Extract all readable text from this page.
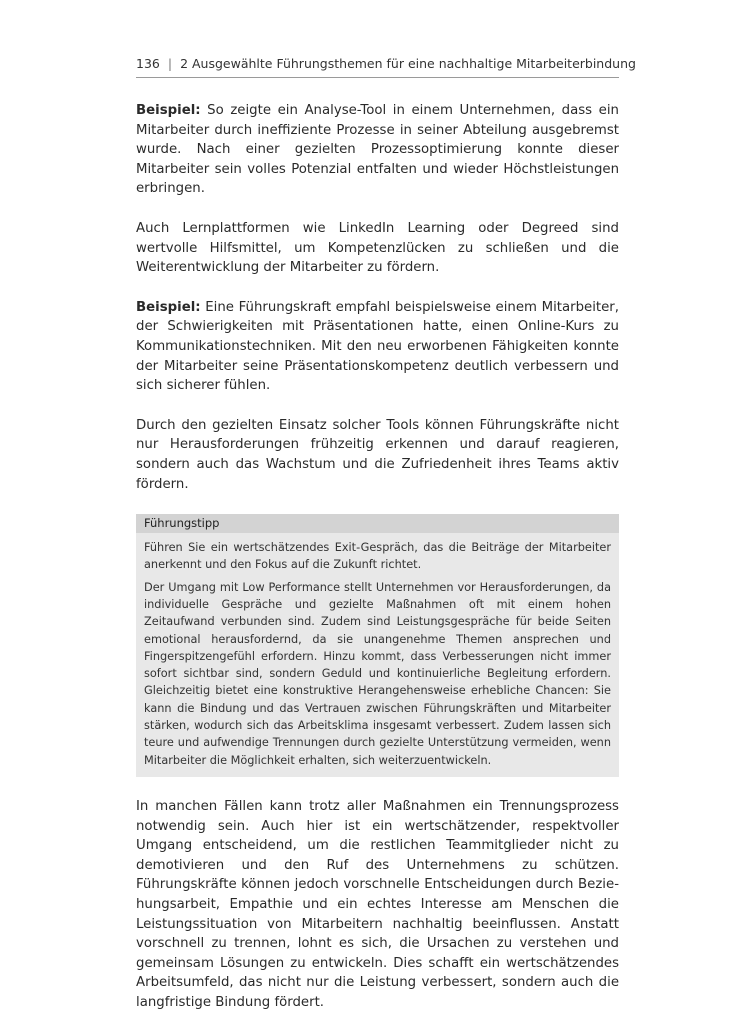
136 | 2 Ausgewählte Führungsthemen für eine nachhaltige Mitarbeiterbindung

Beispiel: So zeigte ein Analyse-Tool in einem Unternehmen, dass ein Mitarbeiter durch ineffiziente Prozesse in seiner Abteilung ausgebremst wurde. Nach einer gezielten Prozessoptimierung konnte dieser Mitarbeiter sein volles Potenzial entfalten und wieder Höchstleistungen erbringen.

Auch Lernplattformen wie LinkedIn Learning oder Degreed sind wertvolle Hilfsmittel, um Kompetenzlücken zu schließen und die Weiterentwicklung der Mitarbeiter zu fördern.

Beispiel: Eine Führungskraft empfahl beispielsweise einem Mitarbeiter, der Schwierigkeiten mit Präsentationen hatte, einen Online-Kurs zu Kommunikationstechniken. Mit den neu erworbenen Fähigkeiten konnte der Mitarbeiter seine Präsentationskompetenz deutlich verbessern und sich sicherer fühlen.

Durch den gezielten Einsatz solcher Tools können Führungskräfte nicht nur Herausforderungen frühzeitig erkennen und darauf reagieren, sondern auch das Wachstum und die Zufriedenheit ihres Teams aktiv fördern.

Führungstipp

Führen Sie ein wertschätzendes Exit-Gespräch, das die Beiträge der Mitarbeiter anerkennt und den Fokus auf die Zukunft richtet.

Der Umgang mit Low Performance stellt Unternehmen vor Herausforderungen, da individuelle Gespräche und gezielte Maßnahmen oft mit einem hohen Zeitaufwand verbunden sind. Zudem sind Leistungsgespräche für beide Seiten emotional herausfordernd, da sie unangenehme Themen ansprechen und Fingerspitzengefühl erfordern. Hinzu kommt, dass Verbesserungen nicht immer sofort sichtbar sind, sondern Geduld und kontinuierliche Begleitung erfordern. Gleichzeitig bietet eine konstruktive Herangehensweise erhebliche Chancen: Sie kann die Bindung und das Vertrauen zwischen Führungskräften und Mitarbeiter stärken, wodurch sich das Arbeitsklima insgesamt verbessert. Zudem lassen sich teure und aufwendige Trennungen durch gezielte Unterstützung vermeiden, wenn Mitarbeiter die Möglichkeit erhalten, sich weiterzuentwickeln.

In manchen Fällen kann trotz aller Maßnahmen ein Trennungsprozess notwendig sein. Auch hier ist ein wertschätzender, respektvoller Umgang entscheidend, um die restlichen Teammitglieder nicht zu demotivieren und den Ruf des Unternehmens zu schützen. Führungskräfte können jedoch vorschnelle Entscheidungen durch Beziehungsarbeit, Empathie und ein echtes Interesse am Menschen die Leistungssituation von Mitarbeitern nachhaltig beeinflussen. Anstatt vorschnell zu trennen, lohnt es sich, die Ursachen zu verstehen und gemeinsam Lösungen zu entwickeln. Dies schafft ein wertschätzendes Arbeitsumfeld, das nicht nur die Leistung verbessert, sondern auch die langfristige Bindung fördert.
